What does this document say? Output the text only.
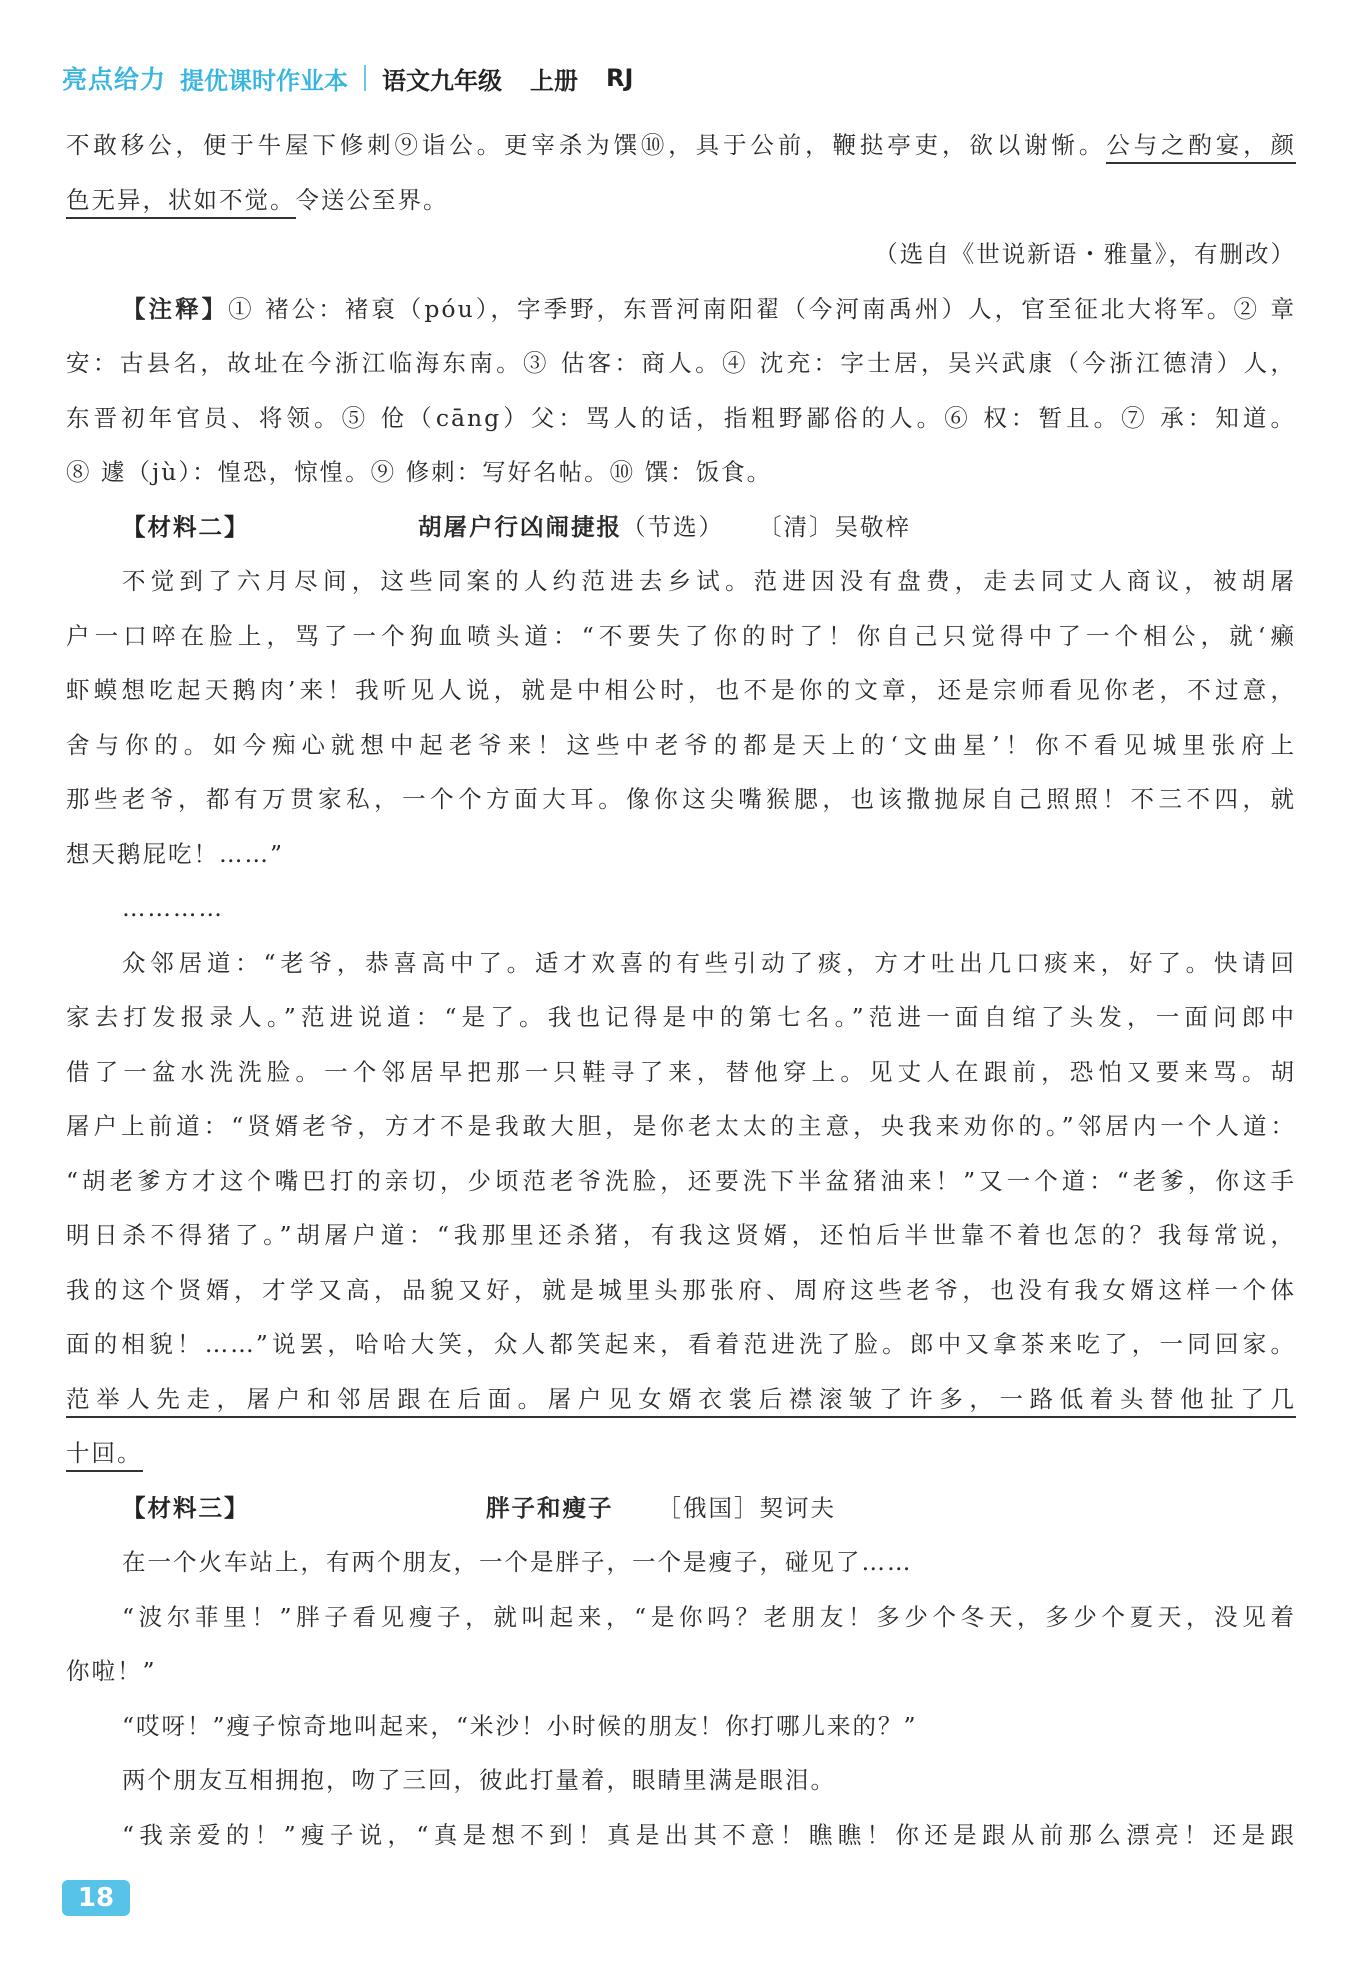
亮点给力 提优课时作业本 语文九年级 上册 RJ
不敢移公，便于牛屋下修刺⑨诣公。更宰杀为馔⑩，具于公前，鞭挞亭吏，欲以谢惭。公与之酌宴，颜
色无异，状如不觉。令送公至界。
（选自《世说新语・雅量》，有删改）
【注释】① 褚公：褚裒（póu），字季野，东晋河南阳翟（今河南禹州）人，官至征北大将军。② 章
安：古县名，故址在今浙江临海东南。③ 估客：商人。④ 沈充：字士居，吴兴武康（今浙江德清）人，
东晋初年官员、将领。⑤ 伧（cāng）父：骂人的话，指粗野鄙俗的人。⑥ 权：暂且。⑦ 承：知道。
⑧ 遽（jù）：惶恐，惊惶。⑨ 修刺：写好名帖。⑩ 馔：饭食。
【材料二】	胡屠户行凶闹捷报 （节选） 〔清〕吴敬梓
不觉到了六月尽间，这些同案的人约范进去乡试。范进因没有盘费，走去同丈人商议，被胡屠
户一口啐在脸上，骂了一个狗血喷头道：“不要失了你的时了！你自己只觉得中了一个相公，就‘癞
虾蟆想吃起天鹅肉’来！我听见人说，就是中相公时，也不是你的文章，还是宗师看见你老，不过意，
舍与你的。如今痴心就想中起老爷来！这些中老爷的都是天上的‘文曲星’！你不看见城里张府上
那些老爷，都有万贯家私，一个个方面大耳。像你这尖嘴猴腮，也该撒抛尿自己照照！不三不四，就
想天鹅屁吃！……”
…………
众邻居道：“老爷，恭喜高中了。适才欢喜的有些引动了痰，方才吐出几口痰来，好了。快请回
家去打发报录人。”范进说道：“是了。我也记得是中的第七名。”范进一面自绾了头发，一面问郎中
借了一盆水洗洗脸。一个邻居早把那一只鞋寻了来，替他穿上。见丈人在跟前，恐怕又要来骂。胡
屠户上前道：“贤婿老爷，方才不是我敢大胆，是你老太太的主意，央我来劝你的。”邻居内一个人道：
“胡老爹方才这个嘴巴打的亲切，少顷范老爷洗脸，还要洗下半盆猪油来！”又一个道：“老爹，你这手
明日杀不得猪了。”胡屠户道：“我那里还杀猪，有我这贤婿，还怕后半世靠不着也怎的？我每常说，
我的这个贤婿，才学又高，品貌又好，就是城里头那张府、周府这些老爷，也没有我女婿这样一个体
面的相貌！……”说罢，哈哈大笑，众人都笑起来，看着范进洗了脸。郎中又拿茶来吃了，一同回家。
范举人先走，屠户和邻居跟在后面。屠户见女婿衣裳后襟滚皱了许多，一路低着头替他扯了几
十回。
【材料三】	胖子和瘦子 ［俄国］契诃夫
在一个火车站上，有两个朋友，一个是胖子，一个是瘦子，碰见了……
“波尔菲里！”胖子看见瘦子，就叫起来，“是你吗？老朋友！多少个冬天，多少个夏天，没见着
你啦！”
“哎呀！”瘦子惊奇地叫起来，“米沙！小时候的朋友！你打哪儿来的？”
两个朋友互相拥抱，吻了三回，彼此打量着，眼睛里满是眼泪。
“我亲爱的！”瘦子说，“真是想不到！真是出其不意！瞧瞧！你还是跟从前那么漂亮！还是跟
18
